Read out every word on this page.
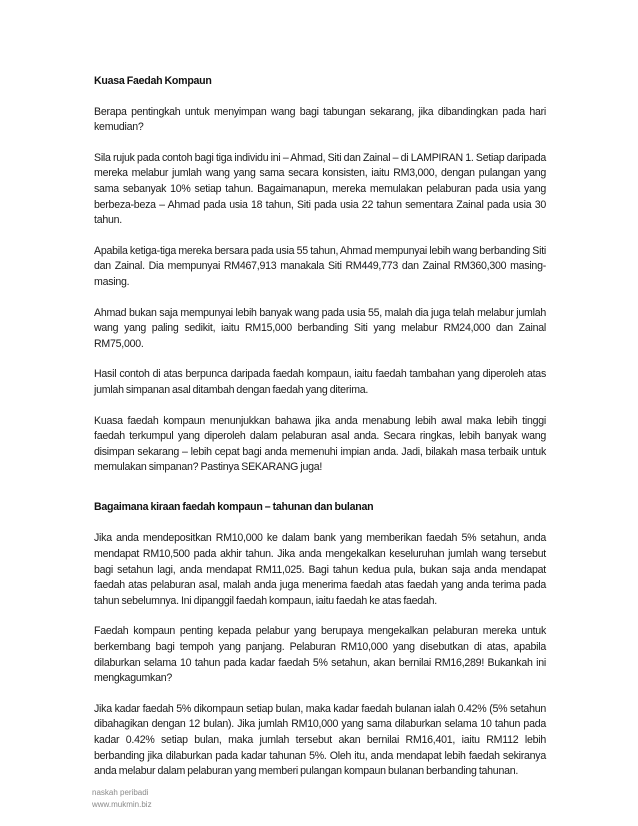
Kuasa Faedah Kompaun

Berapa pentingkah untuk menyimpan wang bagi tabungan sekarang, jika dibandingkan pada hari kemudian?

Sila rujuk pada contoh bagi tiga individu ini – Ahmad, Siti dan Zainal – di LAMPIRAN 1. Setiap daripada mereka melabur jumlah wang yang sama secara konsisten, iaitu RM3,000, dengan pulangan yang sama sebanyak 10% setiap tahun. Bagaimanapun, mereka memulakan pelaburan pada usia yang berbeza-beza – Ahmad pada usia 18 tahun, Siti pada usia 22 tahun sementara Zainal pada usia 30 tahun.

Apabila ketiga-tiga mereka bersara pada usia 55 tahun, Ahmad mempunyai lebih wang berbanding Siti dan Zainal. Dia mempunyai RM467,913 manakala Siti RM449,773 dan Zainal RM360,300 masing-masing.

Ahmad bukan saja mempunyai lebih banyak wang pada usia 55, malah dia juga telah melabur jumlah wang yang paling sedikit, iaitu RM15,000 berbanding Siti yang melabur RM24,000 dan Zainal RM75,000.

Hasil contoh di atas berpunca daripada faedah kompaun, iaitu faedah tambahan yang diperoleh atas jumlah simpanan asal ditambah dengan faedah yang diterima.

Kuasa faedah kompaun menunjukkan bahawa jika anda menabung lebih awal maka lebih tinggi faedah terkumpul yang diperoleh dalam pelaburan asal anda. Secara ringkas, lebih banyak wang disimpan sekarang – lebih cepat bagi anda memenuhi impian anda. Jadi, bilakah masa terbaik untuk memulakan simpanan? Pastinya SEKARANG juga!

Bagaimana kiraan faedah kompaun – tahunan dan bulanan

Jika anda mendepositkan RM10,000 ke dalam bank yang memberikan faedah 5% setahun, anda mendapat RM10,500 pada akhir tahun. Jika anda mengekalkan keseluruhan jumlah wang tersebut bagi setahun lagi, anda mendapat RM11,025. Bagi tahun kedua pula, bukan saja anda mendapat faedah atas pelaburan asal, malah anda juga menerima faedah atas faedah yang anda terima pada tahun sebelumnya. Ini dipanggil faedah kompaun, iaitu faedah ke atas faedah.

Faedah kompaun penting kepada pelabur yang berupaya mengekalkan pelaburan mereka untuk berkembang bagi tempoh yang panjang. Pelaburan RM10,000 yang disebutkan di atas, apabila dilaburkan selama 10 tahun pada kadar faedah 5% setahun, akan bernilai RM16,289! Bukankah ini mengkagumkan?

Jika kadar faedah 5% dikompaun setiap bulan, maka kadar faedah bulanan ialah 0.42% (5% setahun dibahagikan dengan 12 bulan). Jika jumlah RM10,000 yang sama dilaburkan selama 10 tahun pada kadar 0.42% setiap bulan, maka jumlah tersebut akan bernilai RM16,401, iaitu RM112 lebih berbanding jika dilaburkan pada kadar tahunan 5%. Oleh itu, anda mendapat lebih faedah sekiranya anda melabur dalam pelaburan yang memberi pulangan kompaun bulanan berbanding tahunan.

naskah peribadi
www.mukmin.biz
